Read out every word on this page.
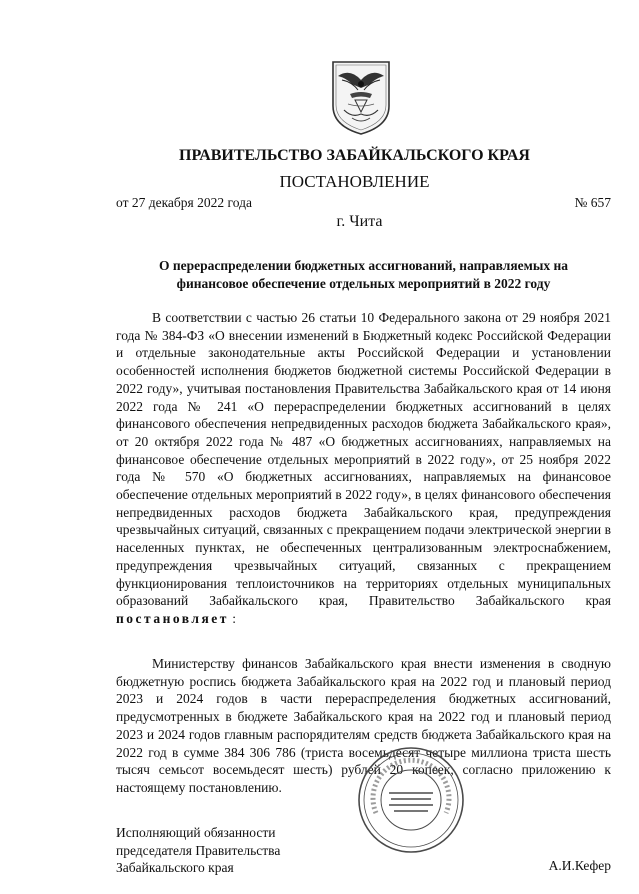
ПРАВИТЕЛЬСТВО ЗАБАЙКАЛЬСКОГО КРАЯ
ПОСТАНОВЛЕНИЕ
от 27 декабря 2022 года	№ 657
г. Чита
О перераспределении бюджетных ассигнований, направляемых на
финансовое обеспечение отдельных мероприятий в 2022 году

В соответствии с частью 26 статьи 10 Федерального закона от 29 ноября 2021 года № 384-ФЗ «О внесении изменений в Бюджетный кодекс Российской Федерации и отдельные законодательные акты Российской Федерации и установлении особенностей исполнения бюджетов бюджетной системы Российской Федерации в 2022 году», учитывая постановления Правительства Забайкальского края от 14 июня 2022 года № 241 «О перераспределении бюджетных ассигнований в целях финансового обеспечения непредвиденных расходов бюджета Забайкальского края», от 20 октября 2022 года № 487 «О бюджетных ассигнованиях, направляемых на финансовое обеспечение отдельных мероприятий в 2022 году», от 25 ноября 2022 года № 570 «О бюджетных ассигнованиях, направляемых на финансовое обеспечение отдельных мероприятий в 2022 году», в целях финансового обеспечения непредвиденных расходов бюджета Забайкальского края, предупреждения чрезвычайных ситуаций, связанных с прекращением подачи электрической энергии в населенных пунктах, не обеспеченных централизованным электроснабжением, предупреждения чрезвычайных ситуаций, связанных с прекращением функционирования теплоисточников на территориях отдельных муниципальных образований Забайкальского края, Правительство Забайкальского края постановляет :

Министерству финансов Забайкальского края внести изменения в сводную бюджетную роспись бюджета Забайкальского края на 2022 год и плановый период 2023 и 2024 годов в части перераспределения бюджетных ассигнований, предусмотренных в бюджете Забайкальского края на 2022 год и плановый период 2023 и 2024 годов главным распорядителям средств бюджета Забайкальского края на 2022 год в сумме 384 306 786 (триста восемьдесят четыре миллиона триста шесть тысяч семьсот восемьдесят шесть) рублей 20 копеек, согласно приложению к настоящему постановлению.

Исполняющий обязанности
председателя Правительства
Забайкальского края	А.И.Кефер
